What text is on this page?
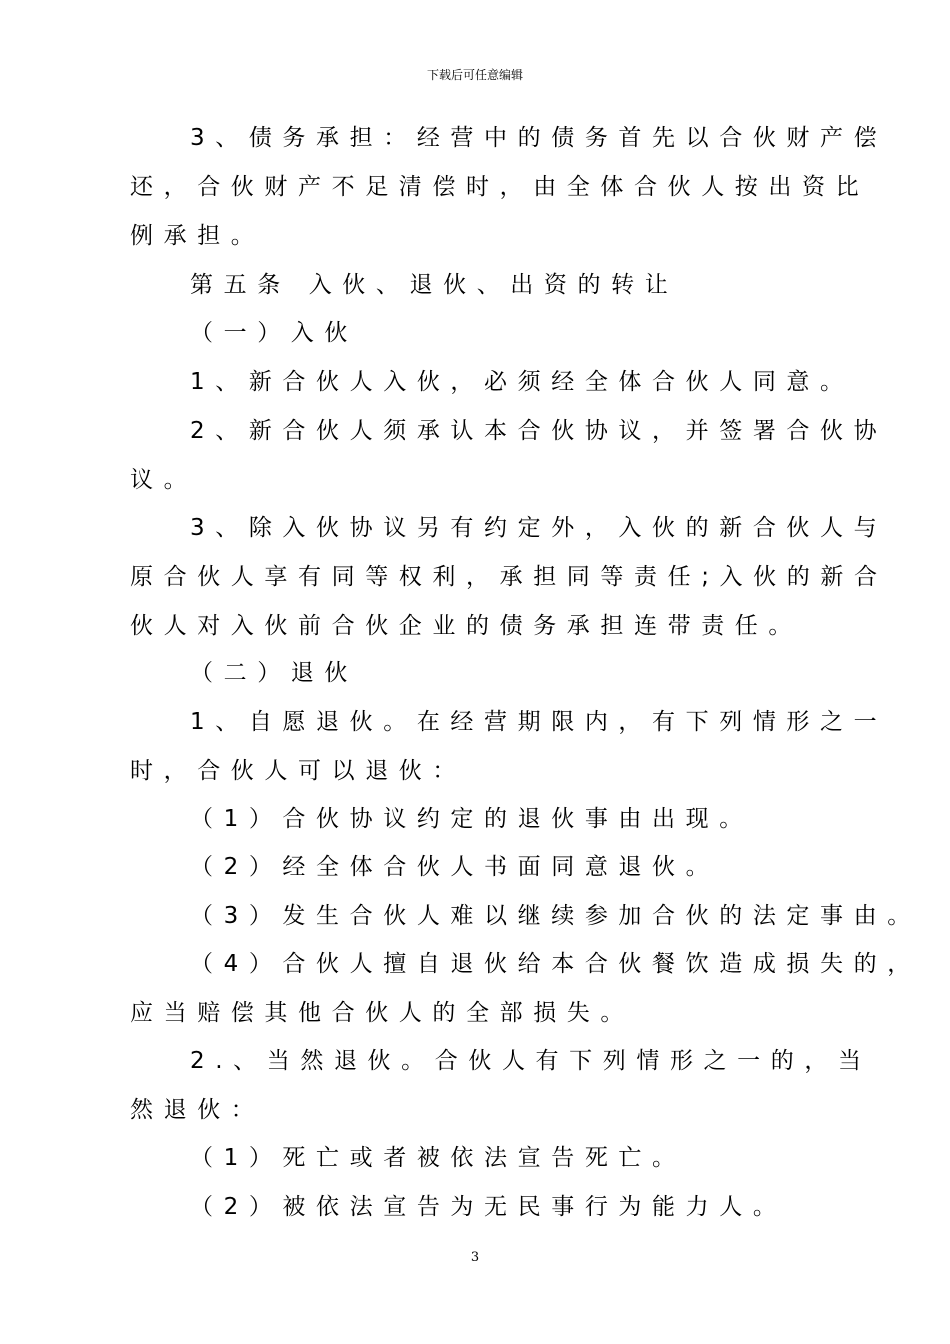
下载后可任意编辑
3、债务承担：经营中的债务首先以合伙财产偿
还，合伙财产不足清偿时，由全体合伙人按出资比
例承担。
第五条 入伙、退伙、出资的转让
（一）入伙
1、新合伙人入伙，必须经全体合伙人同意。
2、新合伙人须承认本合伙协议，并签署合伙协
议。
3、除入伙协议另有约定外，入伙的新合伙人与
原合伙人享有同等权利，承担同等责任;入伙的新合
伙人对入伙前合伙企业的债务承担连带责任。
（二）退伙
1、自愿退伙。在经营期限内，有下列情形之一
时，合伙人可以退伙：
（1）合伙协议约定的退伙事由出现。
（2）经全体合伙人书面同意退伙。
（3）发生合伙人难以继续参加合伙的法定事由。
（4）合伙人擅自退伙给本合伙餐饮造成损失的，
应当赔偿其他合伙人的全部损失。
2.、当然退伙。合伙人有下列情形之一的，当
然退伙：
（1）死亡或者被依法宣告死亡。
（2）被依法宣告为无民事行为能力人。
3
